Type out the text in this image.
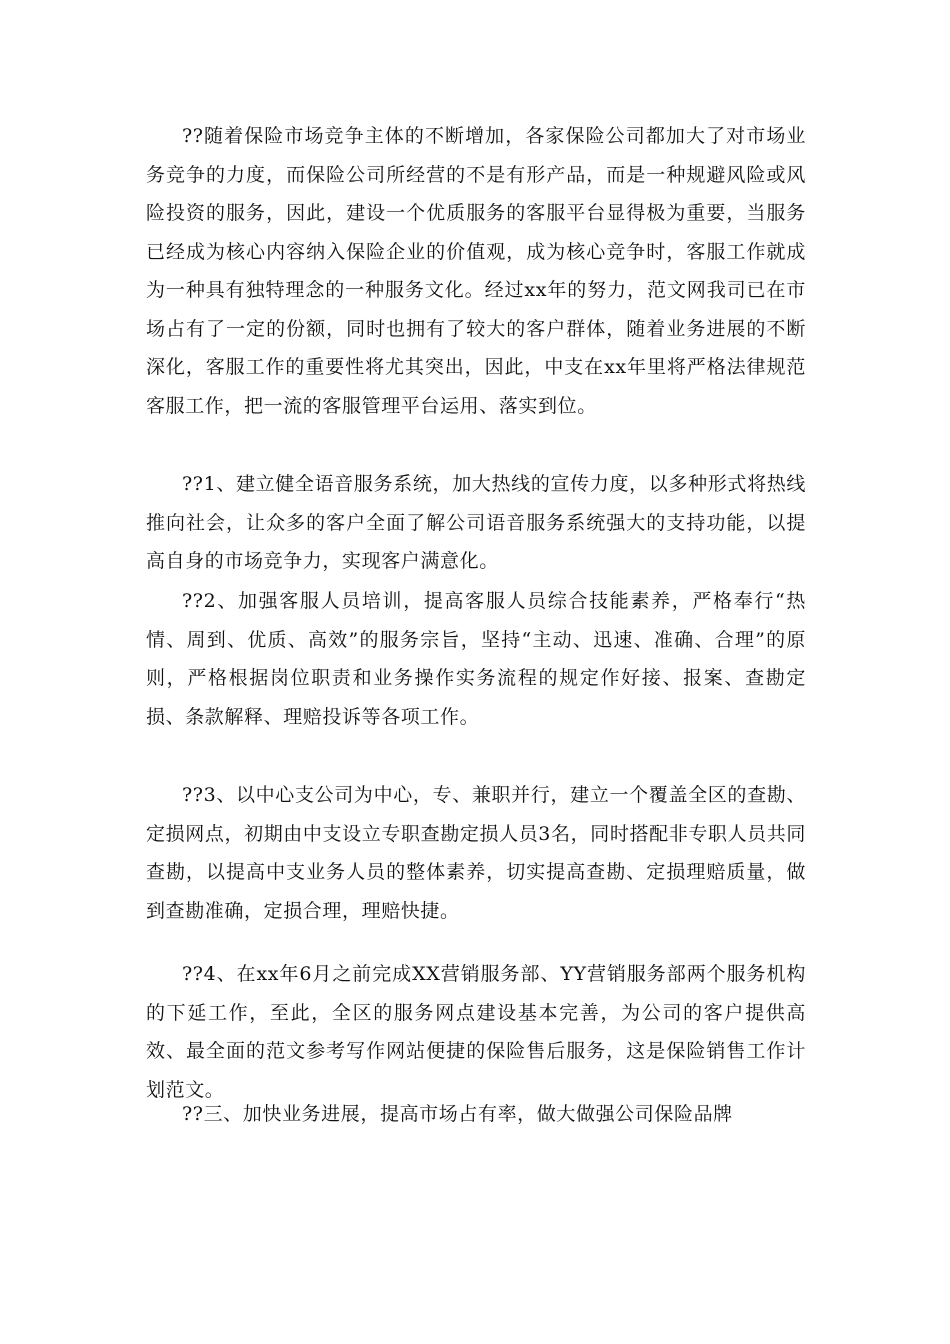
??随着保险市场竞争主体的不断增加，各家保险公司都加大了对市场业务竞争的力度，而保险公司所经营的不是有形产品，而是一种规避风险或风险投资的服务，因此，建设一个优质服务的客服平台显得极为重要，当服务已经成为核心内容纳入保险企业的价值观，成为核心竞争时，客服工作就成为一种具有独特理念的一种服务文化。经过xx年的努力，范文网我司已在市场占有了一定的份额，同时也拥有了较大的客户群体，随着业务进展的不断深化，客服工作的重要性将尤其突出，因此，中支在xx年里将严格法律规范客服工作，把一流的客服管理平台运用、落实到位。

??1、建立健全语音服务系统，加大热线的宣传力度，以多种形式将热线推向社会，让众多的客户全面了解公司语音服务系统强大的支持功能，以提高自身的市场竞争力，实现客户满意化。

??2、加强客服人员培训，提高客服人员综合技能素养，严格奉行“热情、周到、优质、高效”的服务宗旨，坚持“主动、迅速、准确、合理”的原则，严格根据岗位职责和业务操作实务流程的规定作好接、报案、查勘定损、条款解释、理赔投诉等各项工作。

??3、以中心支公司为中心，专、兼职并行，建立一个覆盖全区的查勘、定损网点，初期由中支设立专职查勘定损人员3名，同时搭配非专职人员共同查勘，以提高中支业务人员的整体素养，切实提高查勘、定损理赔质量，做到查勘准确，定损合理，理赔快捷。

??4、在xx年6月之前完成XX营销服务部、YY营销服务部两个服务机构的下延工作，至此，全区的服务网点建设基本完善，为公司的客户提供高效、最全面的范文参考写作网站便捷的保险售后服务，这是保险销售工作计划范文。

??三、加快业务进展，提高市场占有率，做大做强公司保险品牌
